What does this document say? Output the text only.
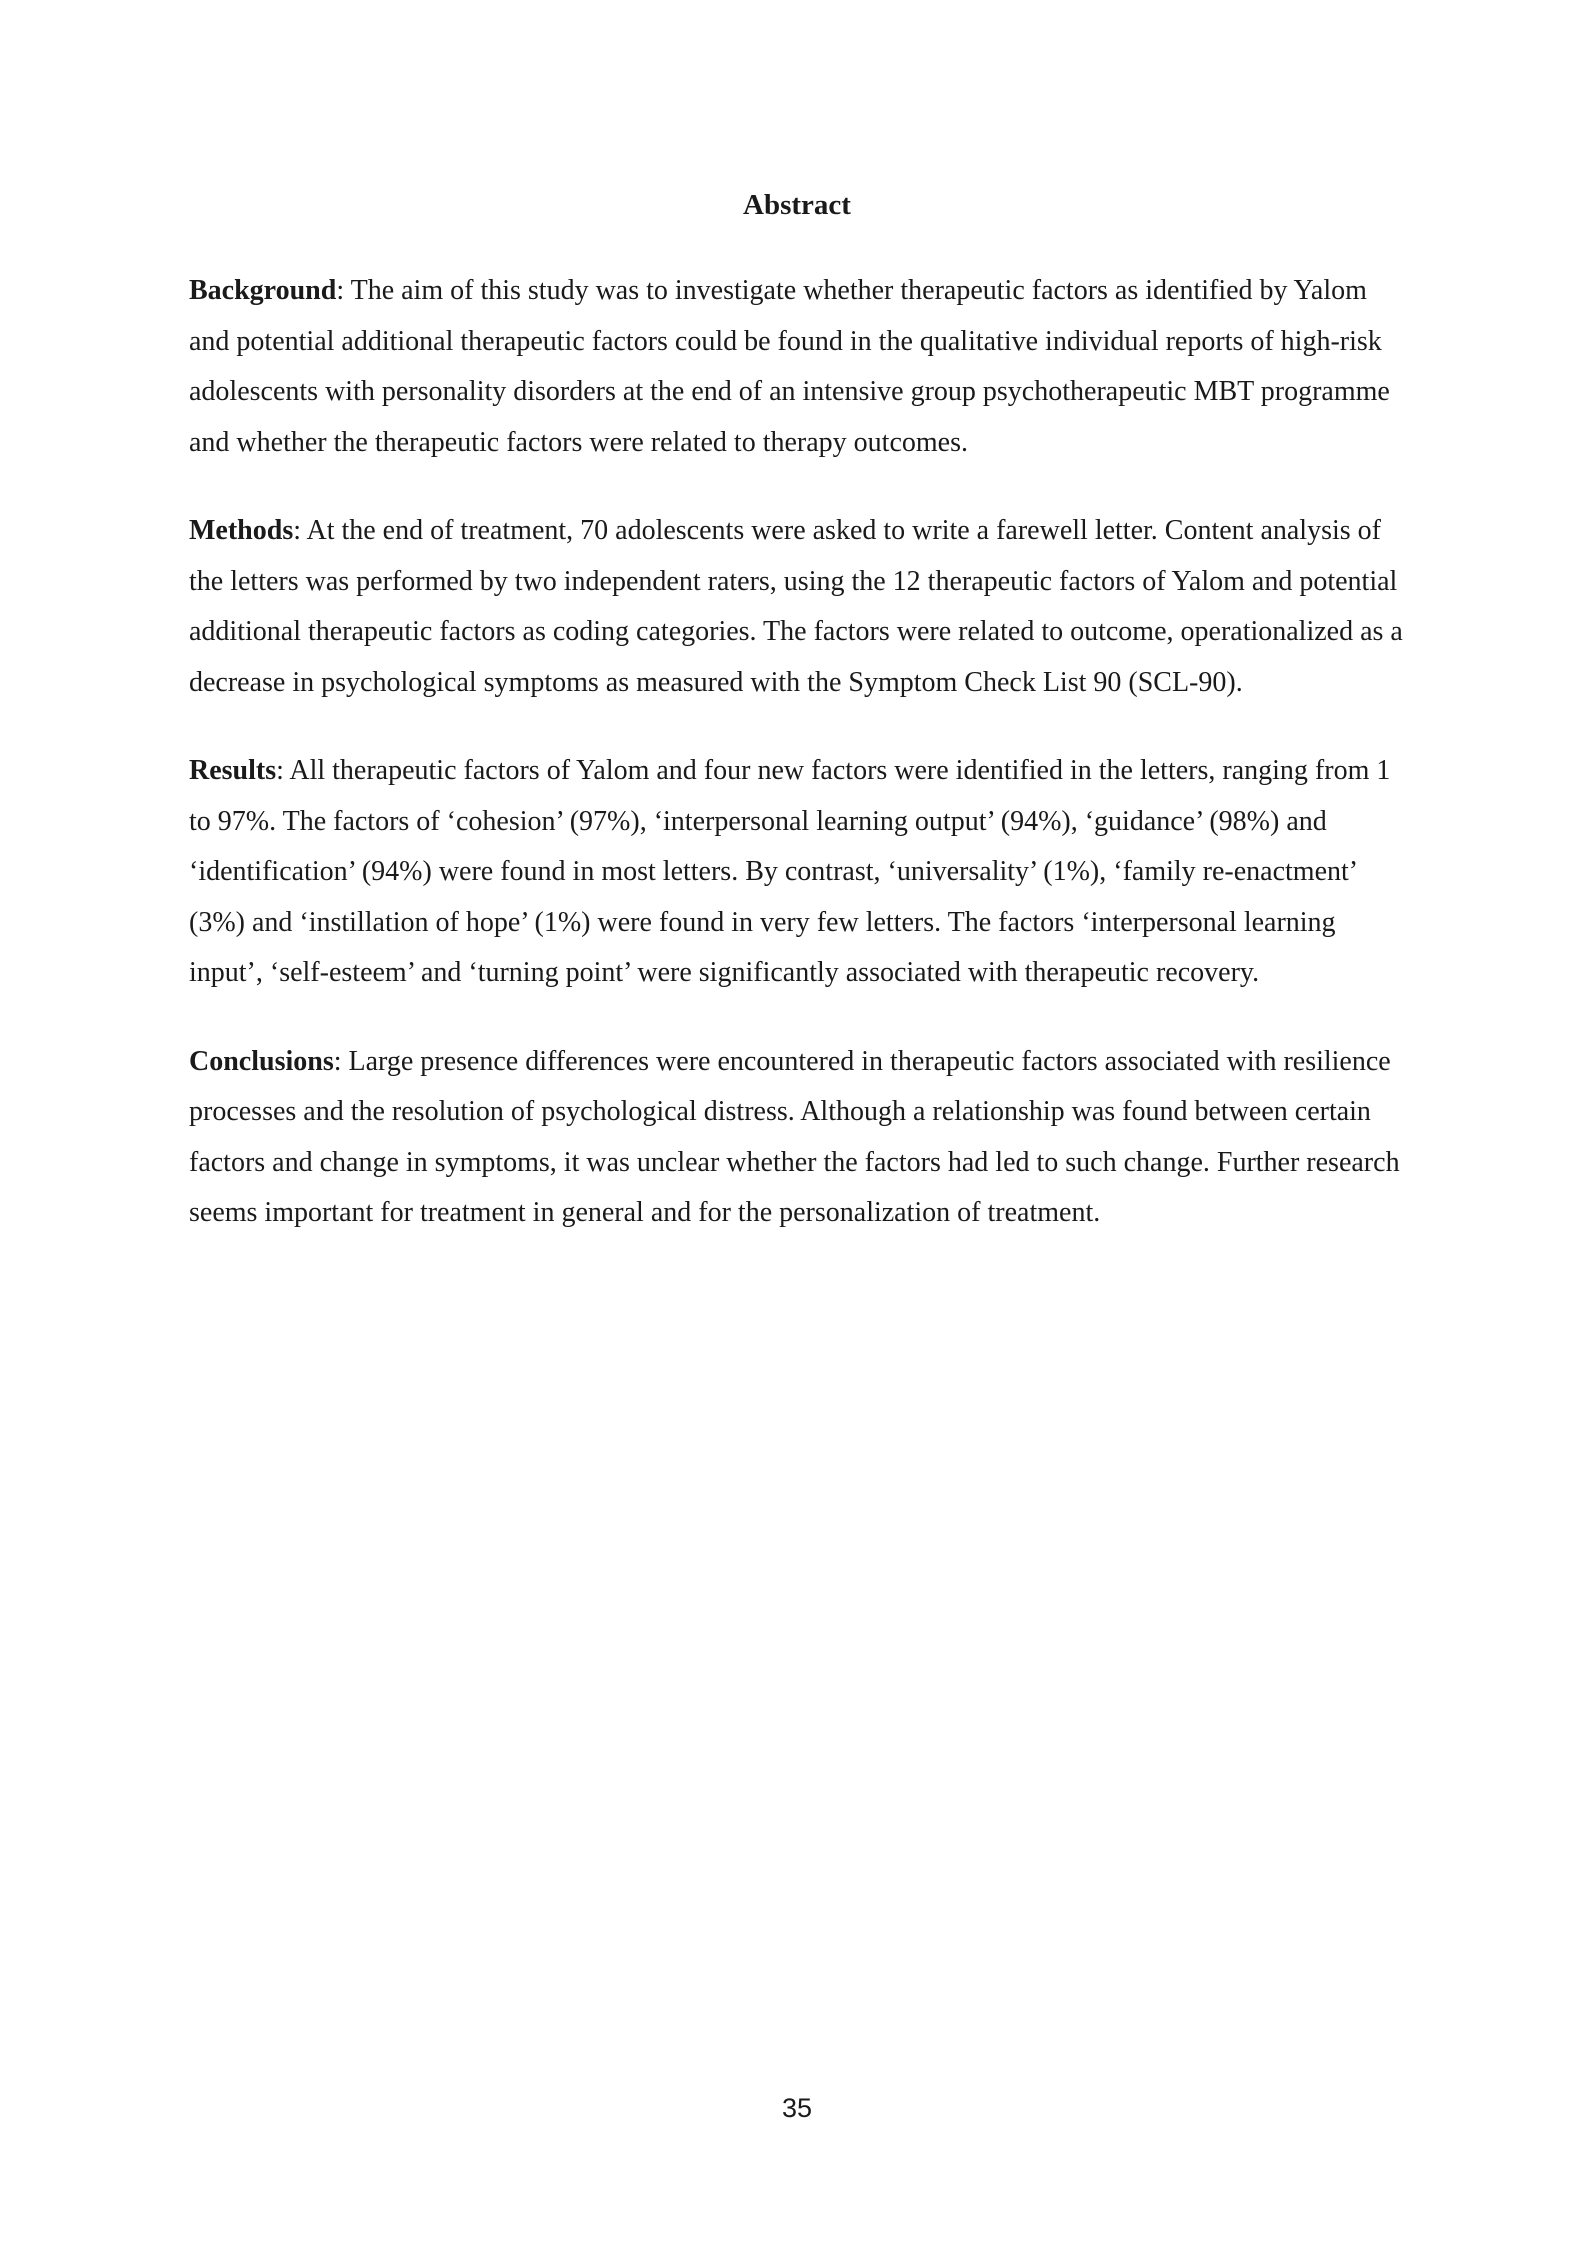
Abstract

Background: The aim of this study was to investigate whether therapeutic factors as identified by Yalom and potential additional therapeutic factors could be found in the qualitative individual reports of high-risk adolescents with personality disorders at the end of an intensive group psychotherapeutic MBT programme and whether the therapeutic factors were related to therapy outcomes.

Methods: At the end of treatment, 70 adolescents were asked to write a farewell letter. Content analysis of the letters was performed by two independent raters, using the 12 therapeutic factors of Yalom and potential additional therapeutic factors as coding categories. The factors were related to outcome, operationalized as a decrease in psychological symptoms as measured with the Symptom Check List 90 (SCL-90).

Results: All therapeutic factors of Yalom and four new factors were identified in the letters, ranging from 1 to 97%. The factors of ‘cohesion’ (97%), ‘interpersonal learning output’ (94%), ‘guidance’ (98%) and ‘identification’ (94%) were found in most letters. By contrast, ‘universality’ (1%), ‘family re-enactment’ (3%) and ‘instillation of hope’ (1%) were found in very few letters. The factors ‘interpersonal learning input’, ‘self-esteem’ and ‘turning point’ were significantly associated with therapeutic recovery.

Conclusions: Large presence differences were encountered in therapeutic factors associated with resilience processes and the resolution of psychological distress. Although a relationship was found between certain factors and change in symptoms, it was unclear whether the factors had led to such change. Further research seems important for treatment in general and for the personalization of treatment.

35
